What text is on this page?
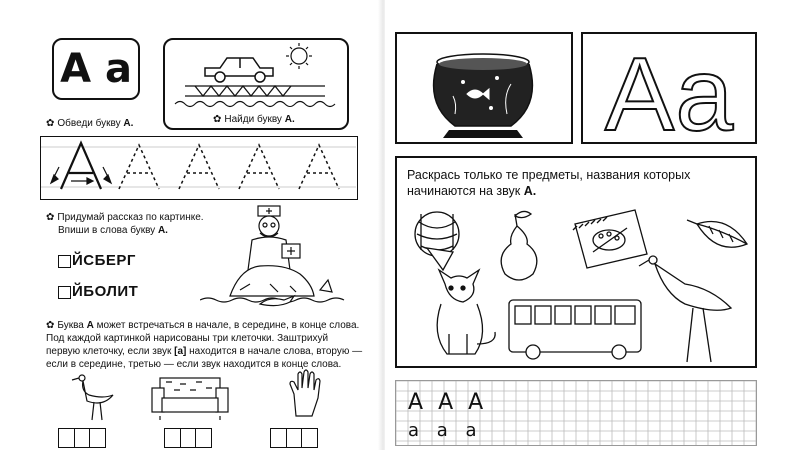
А а
✿ Найди букву А.
✿ Обведи букву А.
✿ Придумай рассказ по картинке.
Впиши в слова букву А.
ЙСБЕРГ
ЙБОЛИТ
✿ Буква А может встречаться в начале, в середине, в конце слова.
Под каждой картинкой нарисованы три клеточки. Заштрихуй
первую клеточку, если звук [а] находится в начале слова, вторую —
если в середине, третью — если звук находится в конце слова.
Аа
Раскрась только те предметы, названия которых
начинаются на звук А.
А А А
а а а
